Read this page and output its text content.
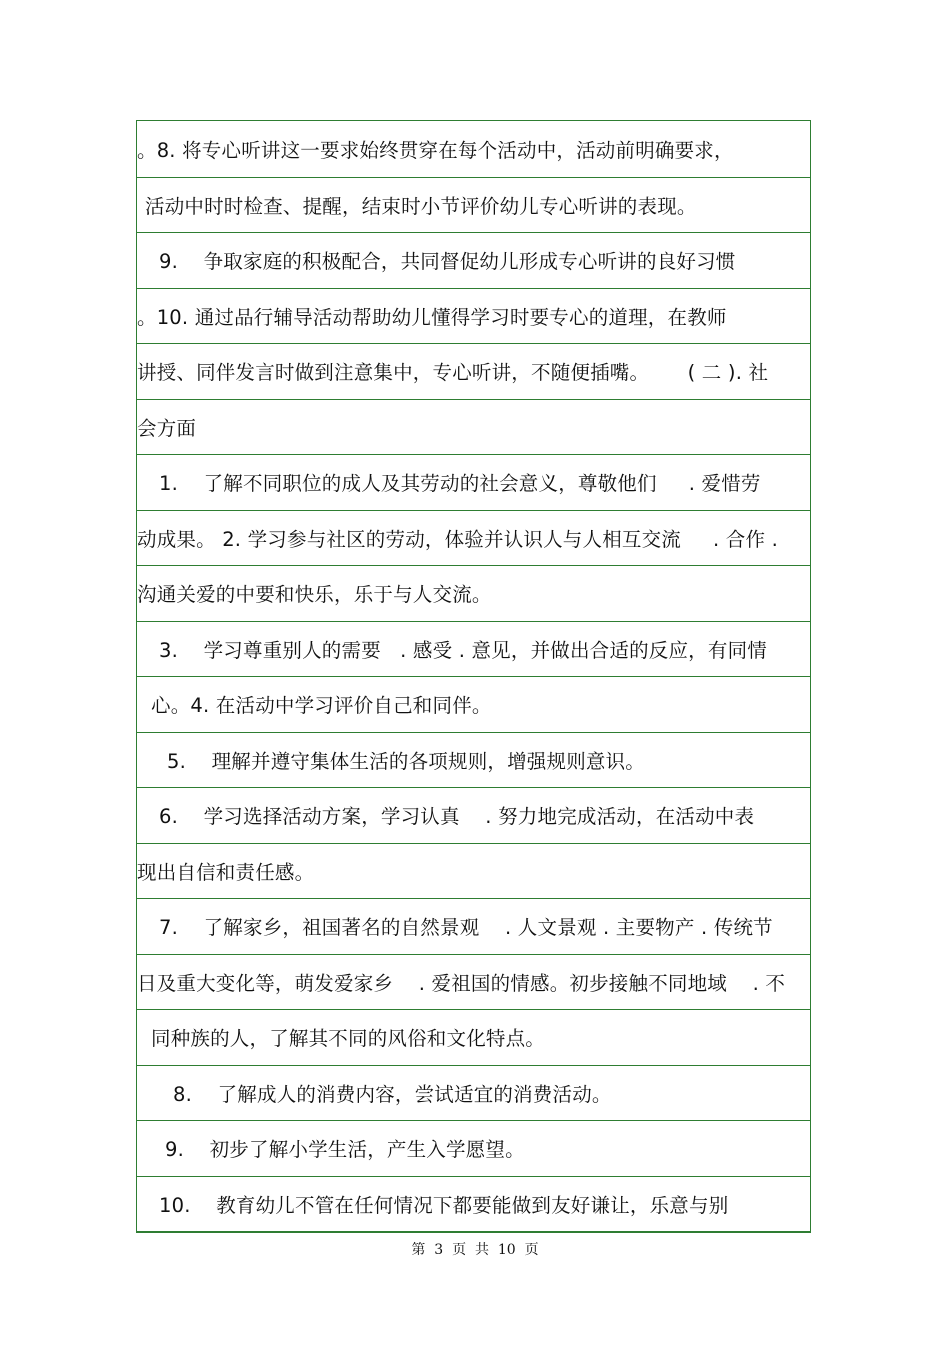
。8. 将专心听讲这一要求始终贯穿在每个活动中，活动前明确要求，
活动中时时检查、提醒，结束时小节评价幼儿专心听讲的表现。
9.    争取家庭的积极配合，共同督促幼儿形成专心听讲的良好习惯
。10. 通过品行辅导活动帮助幼儿懂得学习时要专心的道理，在教师
讲授、同伴发言时做到注意集中，专心听讲，不随便插嘴。      ( 二 ). 社
会方面
1.    了解不同职位的成人及其劳动的社会意义，尊敬他们     . 爱惜劳
动成果。 2. 学习参与社区的劳动，体验并认识人与人相互交流     . 合作 .
沟通关爱的中要和快乐，乐于与人交流。
3.    学习尊重别人的需要   . 感受 . 意见，并做出合适的反应，有同情
心。4. 在活动中学习评价自己和同伴。
5.    理解并遵守集体生活的各项规则，增强规则意识。
6.    学习选择活动方案，学习认真    . 努力地完成活动，在活动中表
现出自信和责任感。
7.    了解家乡，祖国著名的自然景观    . 人文景观 . 主要物产 . 传统节
日及重大变化等，萌发爱家乡    . 爱祖国的情感。初步接触不同地域    . 不
同种族的人，了解其不同的风俗和文化特点。
8.    了解成人的消费内容，尝试适宜的消费活动。
9.    初步了解小学生活，产生入学愿望。
10.    教育幼儿不管在任何情况下都要能做到友好谦让，乐意与别
第  3  页  共  10  页
